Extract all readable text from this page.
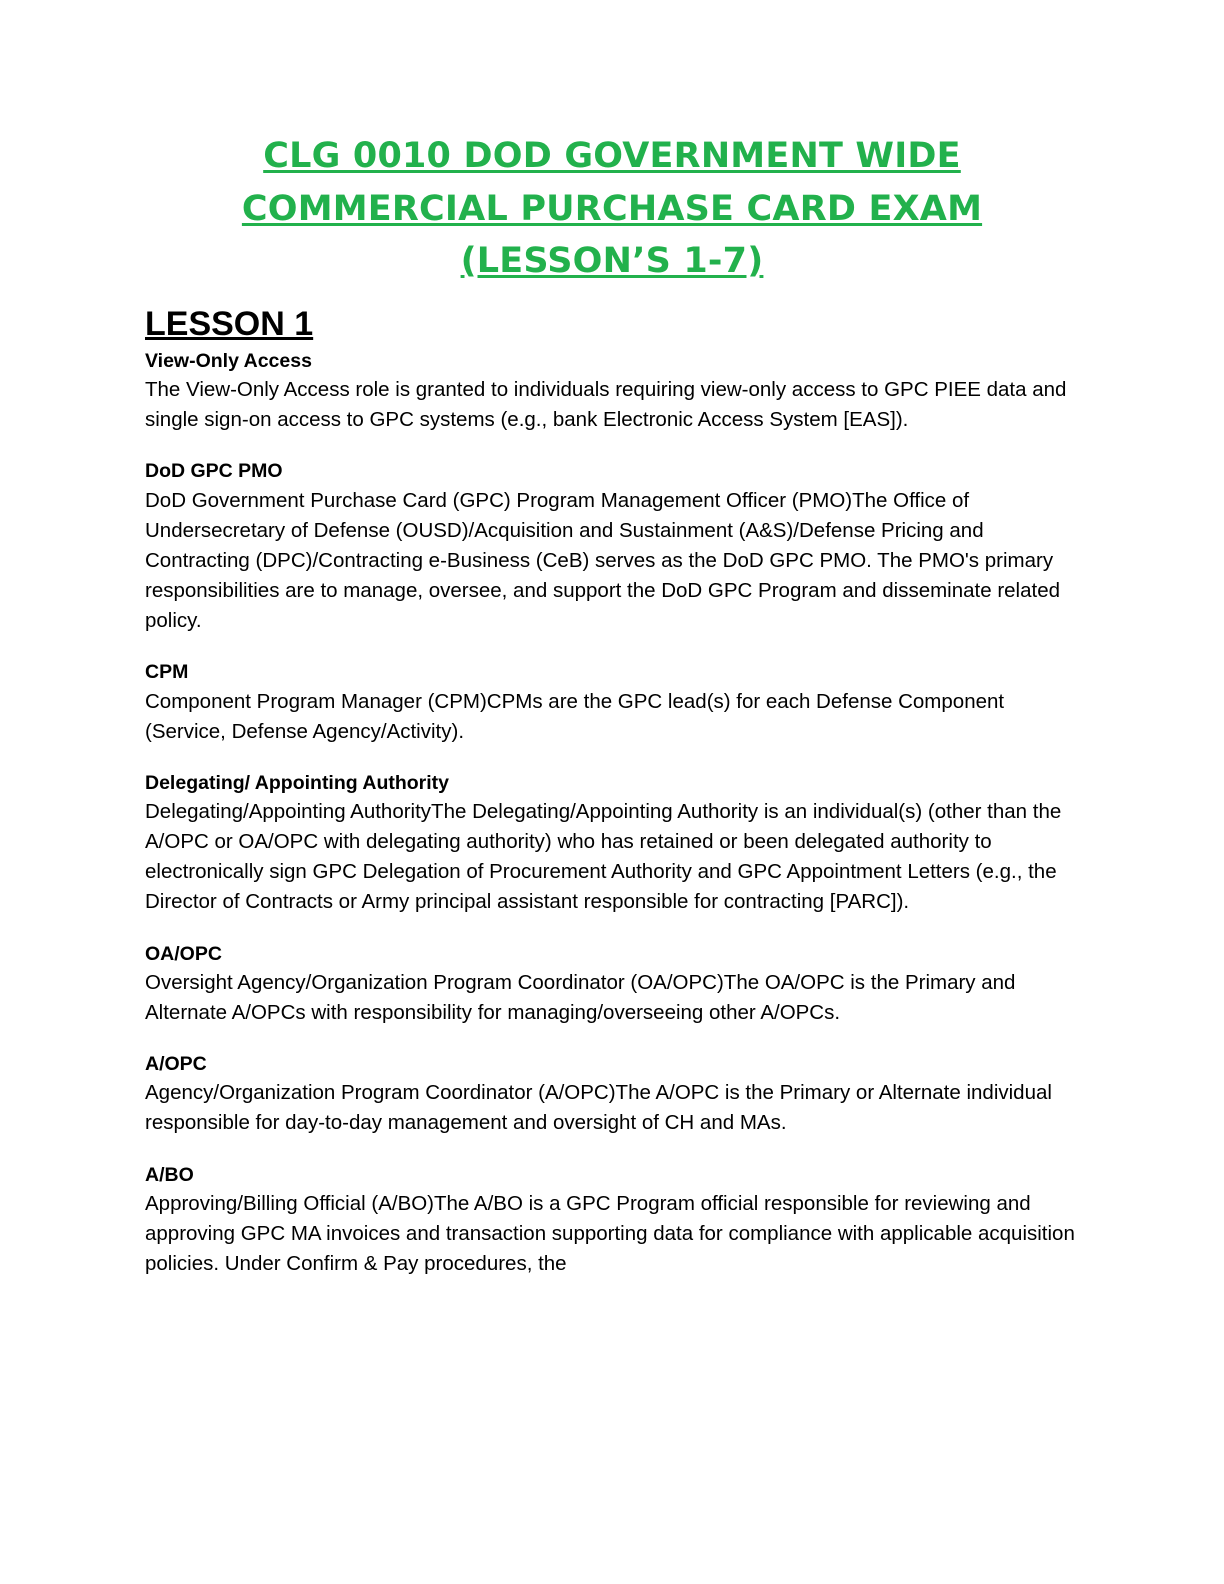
CLG 0010 DOD GOVERNMENT WIDE
COMMERCIAL PURCHASE CARD EXAM
(LESSON’S 1-7)
LESSON 1

View-Only Access

The View-Only Access role is granted to individuals requiring view-only access to GPC PIEE data and single sign-on access to GPC systems (e.g., bank Electronic Access System [EAS]).

DoD GPC PMO

DoD Government Purchase Card (GPC) Program Management Officer (PMO)The Office of Undersecretary of Defense (OUSD)/Acquisition and Sustainment (A&S)/Defense Pricing and Contracting (DPC)/Contracting e-Business (CeB) serves as the DoD GPC PMO. The PMO's primary responsibilities are to manage, oversee, and support the DoD GPC Program and disseminate related policy.

CPM

Component Program Manager (CPM)CPMs are the GPC lead(s) for each Defense Component (Service, Defense Agency/Activity).

Delegating/ Appointing Authority

Delegating/Appointing AuthorityThe Delegating/Appointing Authority is an individual(s) (other than the A/OPC or OA/OPC with delegating authority) who has retained or been delegated authority to electronically sign GPC Delegation of Procurement Authority and GPC Appointment Letters (e.g., the Director of Contracts or Army principal assistant responsible for contracting [PARC]).

OA/OPC

Oversight Agency/Organization Program Coordinator (OA/OPC)The OA/OPC is the Primary and Alternate A/OPCs with responsibility for managing/overseeing other A/OPCs.

A/OPC

Agency/Organization Program Coordinator (A/OPC)The A/OPC is the Primary or Alternate individual responsible for day-to-day management and oversight of CH and MAs.

A/BO

Approving/Billing Official (A/BO)The A/BO is a GPC Program official responsible for reviewing and approving GPC MA invoices and transaction supporting data for compliance with applicable acquisition policies. Under Confirm & Pay procedures, the
